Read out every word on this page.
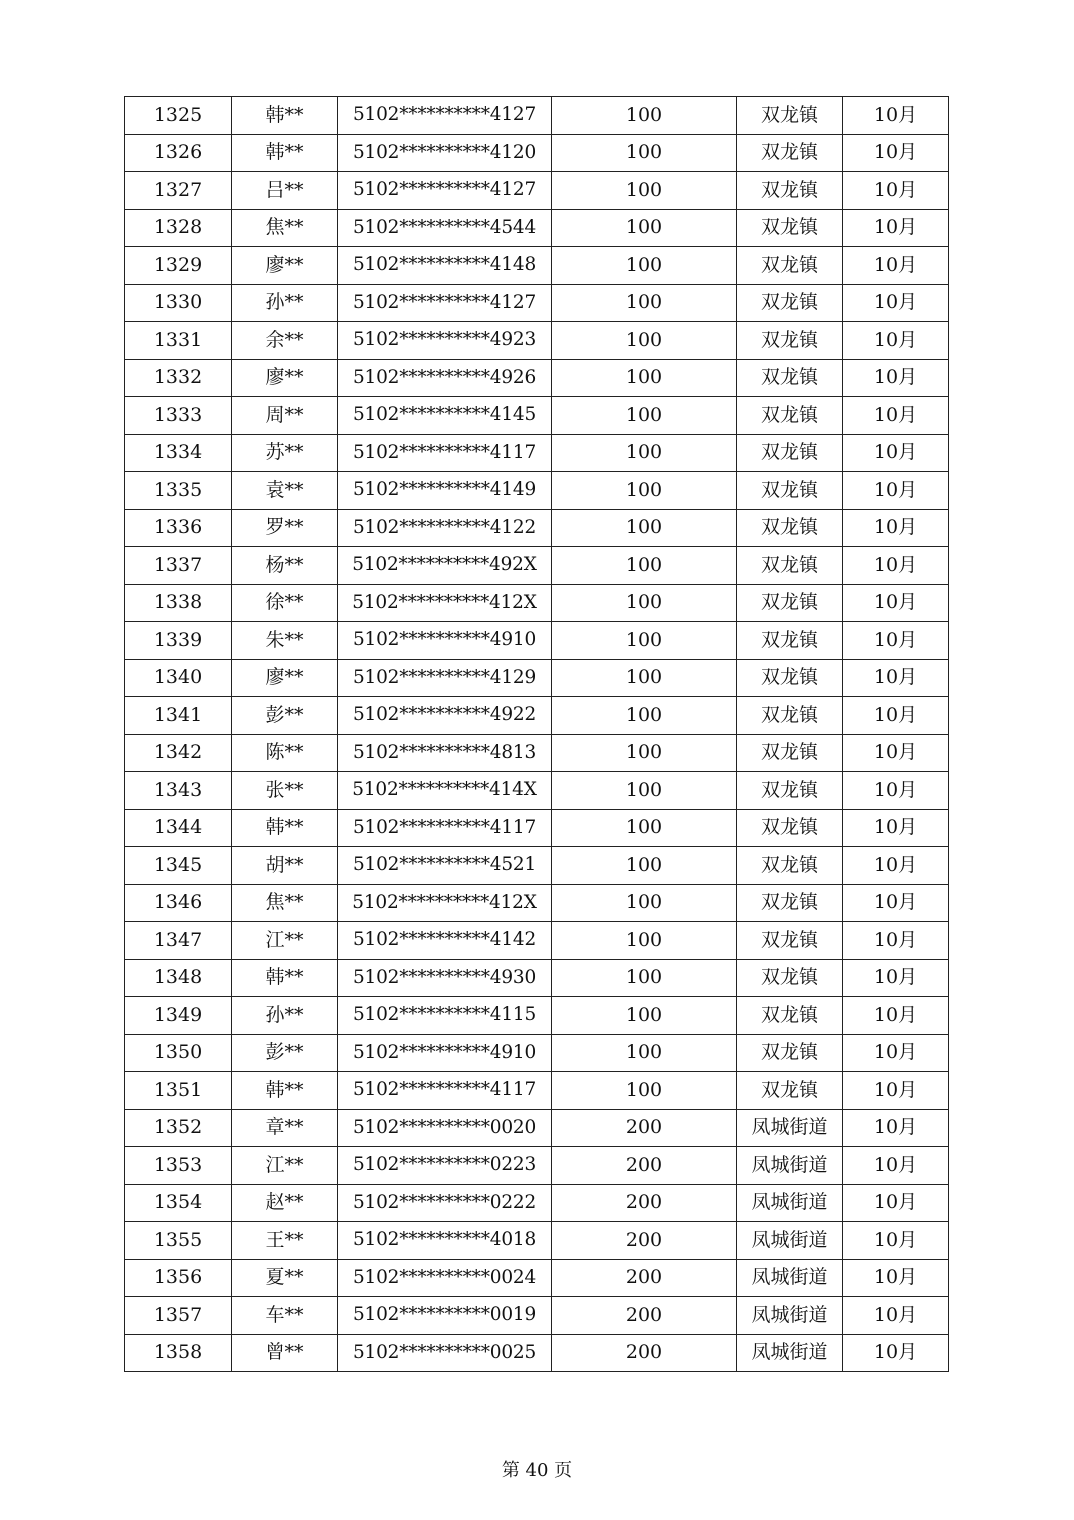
1325	韩**	5102**********4127	100	双龙镇	10月
1326	韩**	5102**********4120	100	双龙镇	10月
1327	吕**	5102**********4127	100	双龙镇	10月
1328	焦**	5102**********4544	100	双龙镇	10月
1329	廖**	5102**********4148	100	双龙镇	10月
1330	孙**	5102**********4127	100	双龙镇	10月
1331	余**	5102**********4923	100	双龙镇	10月
1332	廖**	5102**********4926	100	双龙镇	10月
1333	周**	5102**********4145	100	双龙镇	10月
1334	苏**	5102**********4117	100	双龙镇	10月
1335	袁**	5102**********4149	100	双龙镇	10月
1336	罗**	5102**********4122	100	双龙镇	10月
1337	杨**	5102**********492X	100	双龙镇	10月
1338	徐**	5102**********412X	100	双龙镇	10月
1339	朱**	5102**********4910	100	双龙镇	10月
1340	廖**	5102**********4129	100	双龙镇	10月
1341	彭**	5102**********4922	100	双龙镇	10月
1342	陈**	5102**********4813	100	双龙镇	10月
1343	张**	5102**********414X	100	双龙镇	10月
1344	韩**	5102**********4117	100	双龙镇	10月
1345	胡**	5102**********4521	100	双龙镇	10月
1346	焦**	5102**********412X	100	双龙镇	10月
1347	江**	5102**********4142	100	双龙镇	10月
1348	韩**	5102**********4930	100	双龙镇	10月
1349	孙**	5102**********4115	100	双龙镇	10月
1350	彭**	5102**********4910	100	双龙镇	10月
1351	韩**	5102**********4117	100	双龙镇	10月
1352	章**	5102**********0020	200	凤城街道	10月
1353	江**	5102**********0223	200	凤城街道	10月
1354	赵**	5102**********0222	200	凤城街道	10月
1355	王**	5102**********4018	200	凤城街道	10月
1356	夏**	5102**********0024	200	凤城街道	10月
1357	车**	5102**********0019	200	凤城街道	10月
1358	曾**	5102**********0025	200	凤城街道	10月
第 40 页
